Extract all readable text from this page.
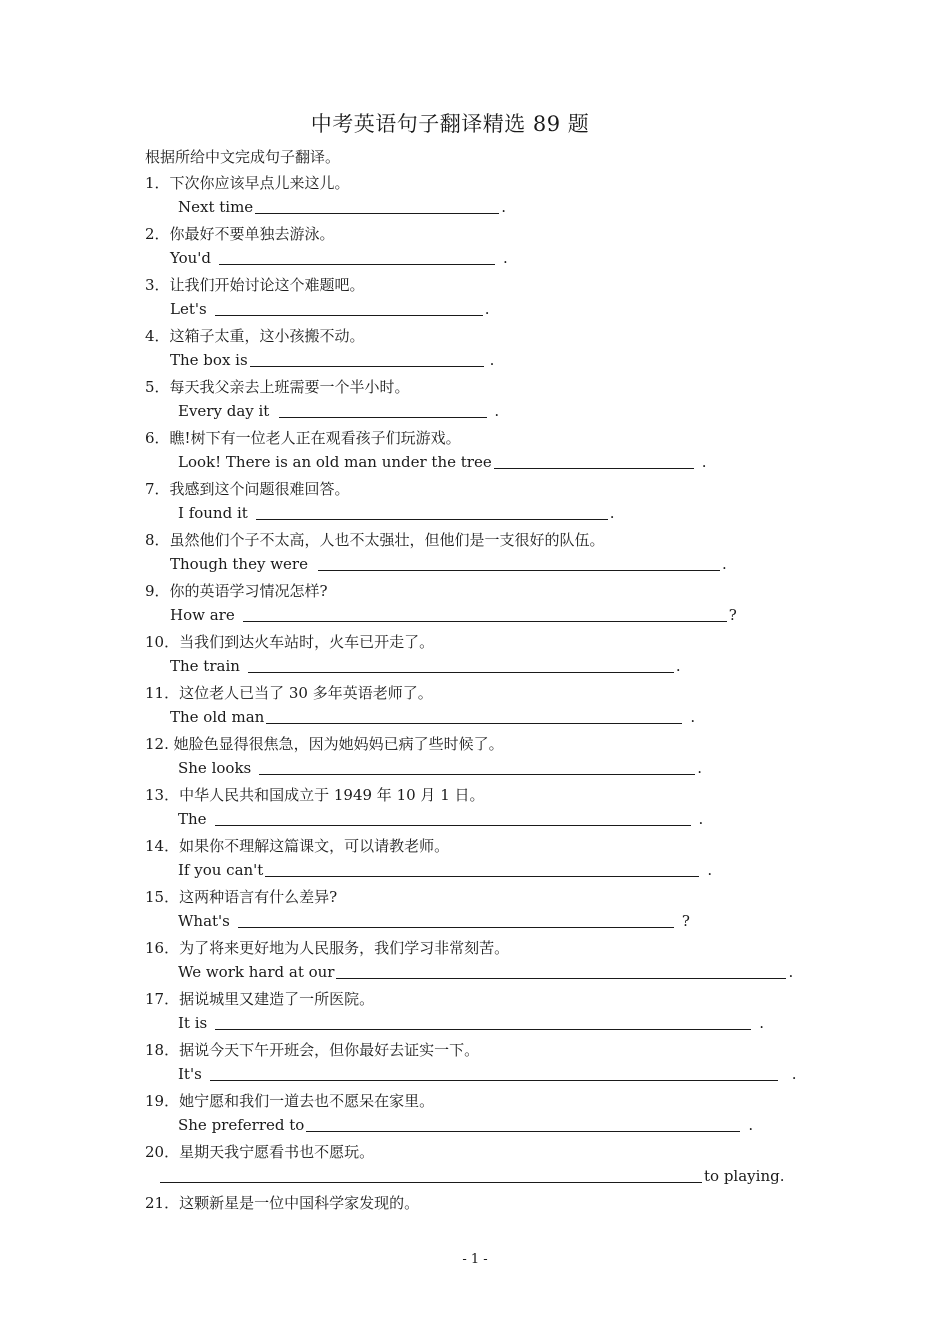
中考英语句子翻译精选 89 题
根据所给中文完成句子翻译。
1．下次你应该早点儿来这儿。
Next time	.
2．你最好不要单独去游泳。
You'd	.
3．让我们开始讨论这个难题吧。
Let's	.
4．这箱子太重，这小孩搬不动。
The box is	.
5．每天我父亲去上班需要一个半小时。
Every day it	.
6．瞧!树下有一位老人正在观看孩子们玩游戏。
Look! There is an old man under the tree	.
7．我感到这个问题很难回答。
I found it	.
8．虽然他们个子不太高，人也不太强壮，但他们是一支很好的队伍。
Though they were	.
9．你的英语学习情况怎样?
How are	?
10．当我们到达火车站时，火车已开走了。
The train	.
11．这位老人已当了 30 多年英语老师了。
The old man	.
12. 她脸色显得很焦急，因为她妈妈已病了些时候了。
She looks	.
13．中华人民共和国成立于 1949 年 10 月 1 日。
The	.
14．如果你不理解这篇课文，可以请教老师。
If you can't	.
15．这两种语言有什么差异?
What's	?
16．为了将来更好地为人民服务，我们学习非常刻苦。
We work hard at our	.
17．据说城里又建造了一所医院。
It is	.
18．据说今天下午开班会，但你最好去证实一下。
It's	.
19．她宁愿和我们一道去也不愿呆在家里。
She preferred to	.
20．星期天我宁愿看书也不愿玩。
to playing.
21．这颗新星是一位中国科学家发现的。
- 1 -
